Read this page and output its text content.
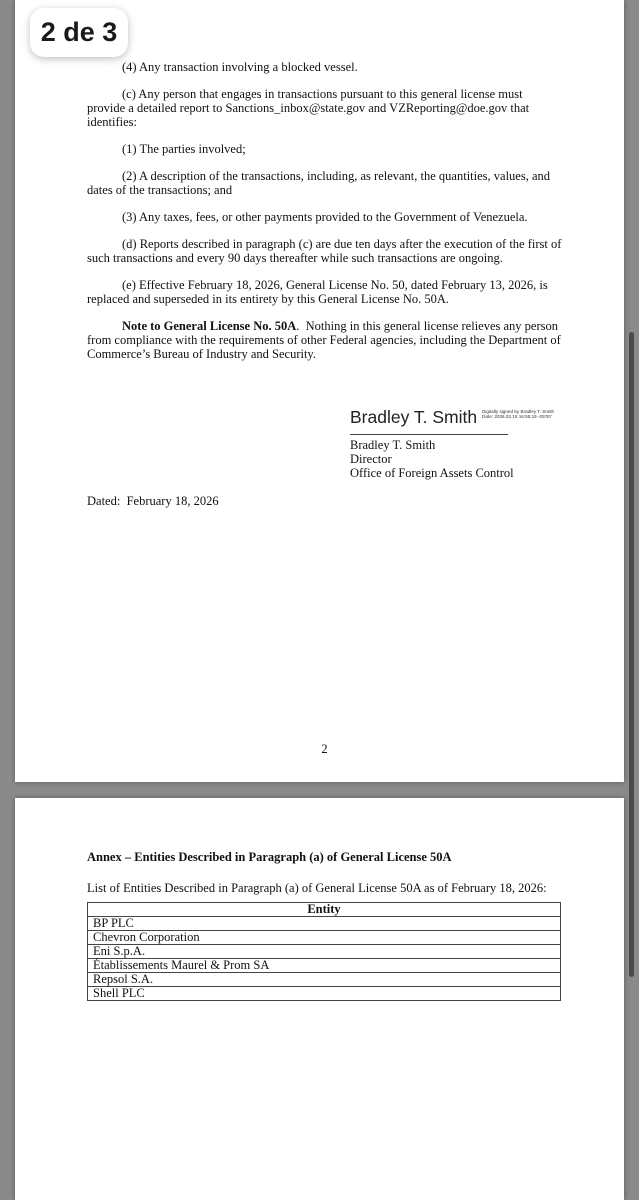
2 de 3
(4) Any transaction involving a blocked vessel.
(c) Any person that engages in transactions pursuant to this general license must provide a detailed report to Sanctions_inbox@state.gov and VZReporting@doe.gov that identifies:
(1) The parties involved;
(2) A description of the transactions, including, as relevant, the quantities, values, and dates of the transactions; and
(3) Any taxes, fees, or other payments provided to the Government of Venezuela.
(d) Reports described in paragraph (c) are due ten days after the execution of the first of such transactions and every 90 days thereafter while such transactions are ongoing.
(e) Effective February 18, 2026, General License No. 50, dated February 13, 2026, is replaced and superseded in its entirety by this General License No. 50A.
Note to General License No. 50A.  Nothing in this general license relieves any person from compliance with the requirements of other Federal agencies, including the Department of Commerce’s Bureau of Industry and Security.
Bradley T. Smith Digitally signed by Bradley T. Smith
Date: 2026.02.18 16:55:15 -05'00'
Bradley T. Smith
Director
Office of Foreign Assets Control
Dated:  February 18, 2026
2
Annex – Entities Described in Paragraph (a) of General License 50A
List of Entities Described in Paragraph (a) of General License 50A as of February 18, 2026:
Entity
BP PLC
Chevron Corporation
Eni S.p.A.
Établissements Maurel & Prom SA
Repsol S.A.
Shell PLC
